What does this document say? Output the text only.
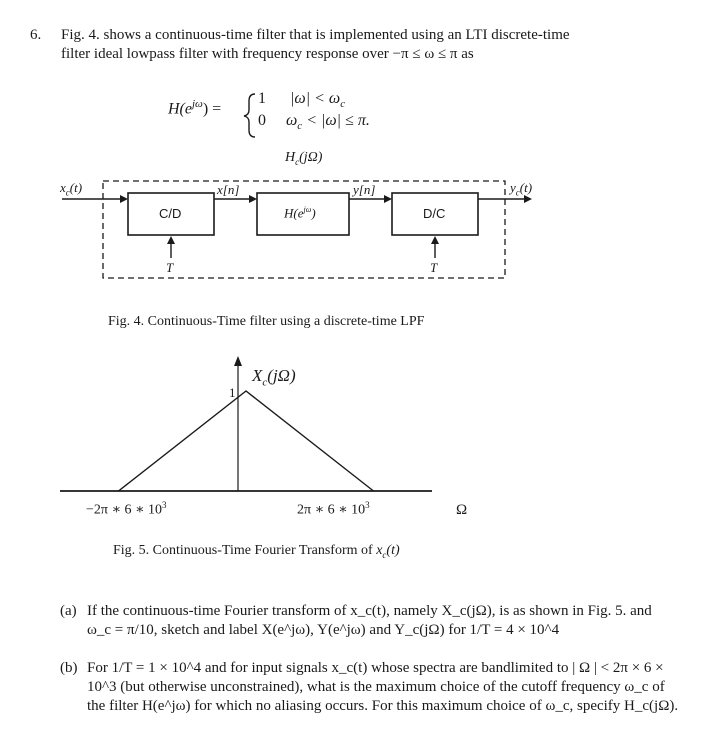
6. Fig. 4. shows a continuous-time filter that is implemented using an LTI discrete-time
filter ideal lowpass filter with frequency response over −π ≤ ω ≤ π as
$H(e^{j\omega})$ =
1 $|\omega| < \omega_c$
0 $\omega_c < |\omega| \le \pi$.
$H_c(j\Omega)$
$x_c(t)$	$y_c(t)$
C/D	$H(e^{j\omega})$	D/C
x[n]	y[n]
T	T
Fig. 4. Continuous-Time filter using a discrete-time LPF
$X_c(j\Omega)$
1
−2π ∗ 6 ∗ $10^3$	2π ∗ 6 ∗ $10^3$	Ω
Fig. 5. Continuous-Time Fourier Transform of $x_c(t)$
(a) If the continuous-time Fourier transform of x_c(t), namely X_c(jΩ), is as shown in Fig. 5. and
ω_c = π/10, sketch and label X(e^jω), Y(e^jω) and Y_c(jΩ) for 1/T = 4 × 10^4
(b) For 1/T = 1 × 10^4 and for input signals x_c(t) whose spectra are bandlimited to | Ω | < 2π × 6 ×
10^3 (but otherwise unconstrained), what is the maximum choice of the cutoff frequency ω_c of
the filter H(e^jω) for which no aliasing occurs. For this maximum choice of ω_c, specify H_c(jΩ).
